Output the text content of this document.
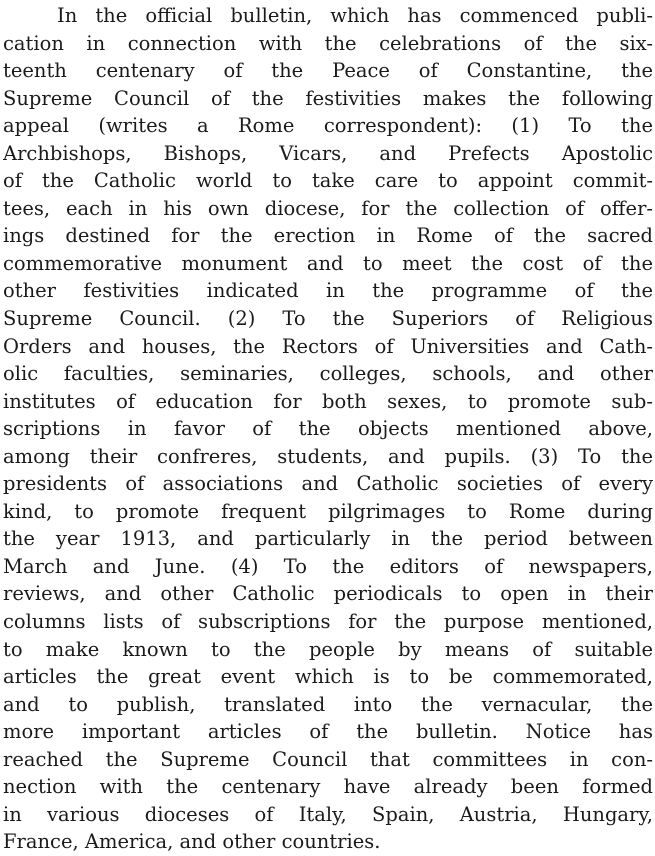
In the official bulletin, which has commenced publi-
cation in connection with the celebrations of the six-
teenth centenary of the Peace of Constantine, the
Supreme Council of the festivities makes the following
appeal (writes a Rome correspondent): (1) To the
Archbishops, Bishops, Vicars, and Prefects Apostolic
of the Catholic world to take care to appoint commit-
tees, each in his own diocese, for the collection of offer-
ings destined for the erection in Rome of the sacred
commemorative monument and to meet the cost of the
other festivities indicated in the programme of the
Supreme Council. (2) To the Superiors of Religious
Orders and houses, the Rectors of Universities and Cath-
olic faculties, seminaries, colleges, schools, and other
institutes of education for both sexes, to promote sub-
scriptions in favor of the objects mentioned above,
among their confreres, students, and pupils. (3) To the
presidents of associations and Catholic societies of every
kind, to promote frequent pilgrimages to Rome during
the year 1913, and particularly in the period between
March and June. (4) To the editors of newspapers,
reviews, and other Catholic periodicals to open in their
columns lists of subscriptions for the purpose mentioned,
to make known to the people by means of suitable
articles the great event which is to be commemorated,
and to publish, translated into the vernacular, the
more important articles of the bulletin. Notice has
reached the Supreme Council that committees in con-
nection with the centenary have already been formed
in various dioceses of Italy, Spain, Austria, Hungary,
France, America, and other countries.
